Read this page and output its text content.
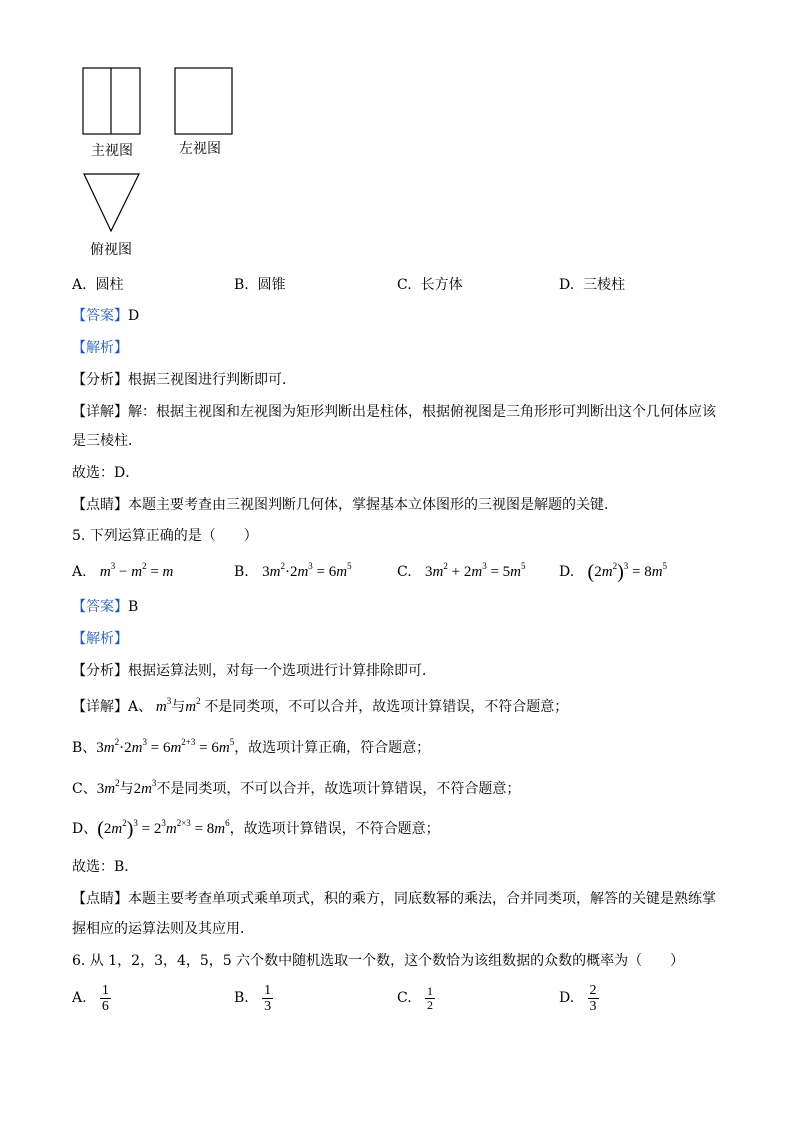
主视图	左视图
俯视图
A. 圆柱	B. 圆锥	C. 长方体	D. 三棱柱
【答案】D
【解析】
【分析】根据三视图进行判断即可．
【详解】解：根据主视图和左视图为矩形判断出是柱体，根据俯视图是三角形形可判断出这个几何体应该
是三棱柱．
故选：D．
【点睛】本题主要考查由三视图判断几何体，掌握基本立体图形的三视图是解题的关键．
5. 下列运算正确的是（　　）
A. $m^3 - m^2 = m$	B. $3m^2\cdot 2m^3 = 6m^5$	C. $3m^2 + 2m^3 = 5m^5$ D. $(2m^2)^3 = 8m^5$
【答案】B
【解析】
【分析】根据运算法则，对每一个选项进行计算排除即可．
【详解】A、 $m^3$与$m^2$ 不是同类项，不可以合并，故选项计算错误，不符合题意；
B、$3m^2\cdot 2m^3 = 6m^{2+3} = 6m^5$，故选项计算正确，符合题意；
C、$3m^2$与$2m^3$不是同类项，不可以合并，故选项计算错误，不符合题意；
D、$(2m^2)^3 = 2^3m^{2\times 3} = 8m^6$，故选项计算错误，不符合题意；
故选：B．
【点睛】本题主要考查单项式乘单项式，积的乘方，同底数幂的乘法，合并同类项，解答的关键是熟练掌
握相应的运算法则及其应用．
6. 从 1，2，3，4，5，5 六个数中随机选取一个数，这个数恰为该组数据的众数的概率为（　　）
A. $\frac{1}{6}$	B. $\frac{1}{3}$	C. $\frac{1}{2}$	D. $\frac{2}{3}$
